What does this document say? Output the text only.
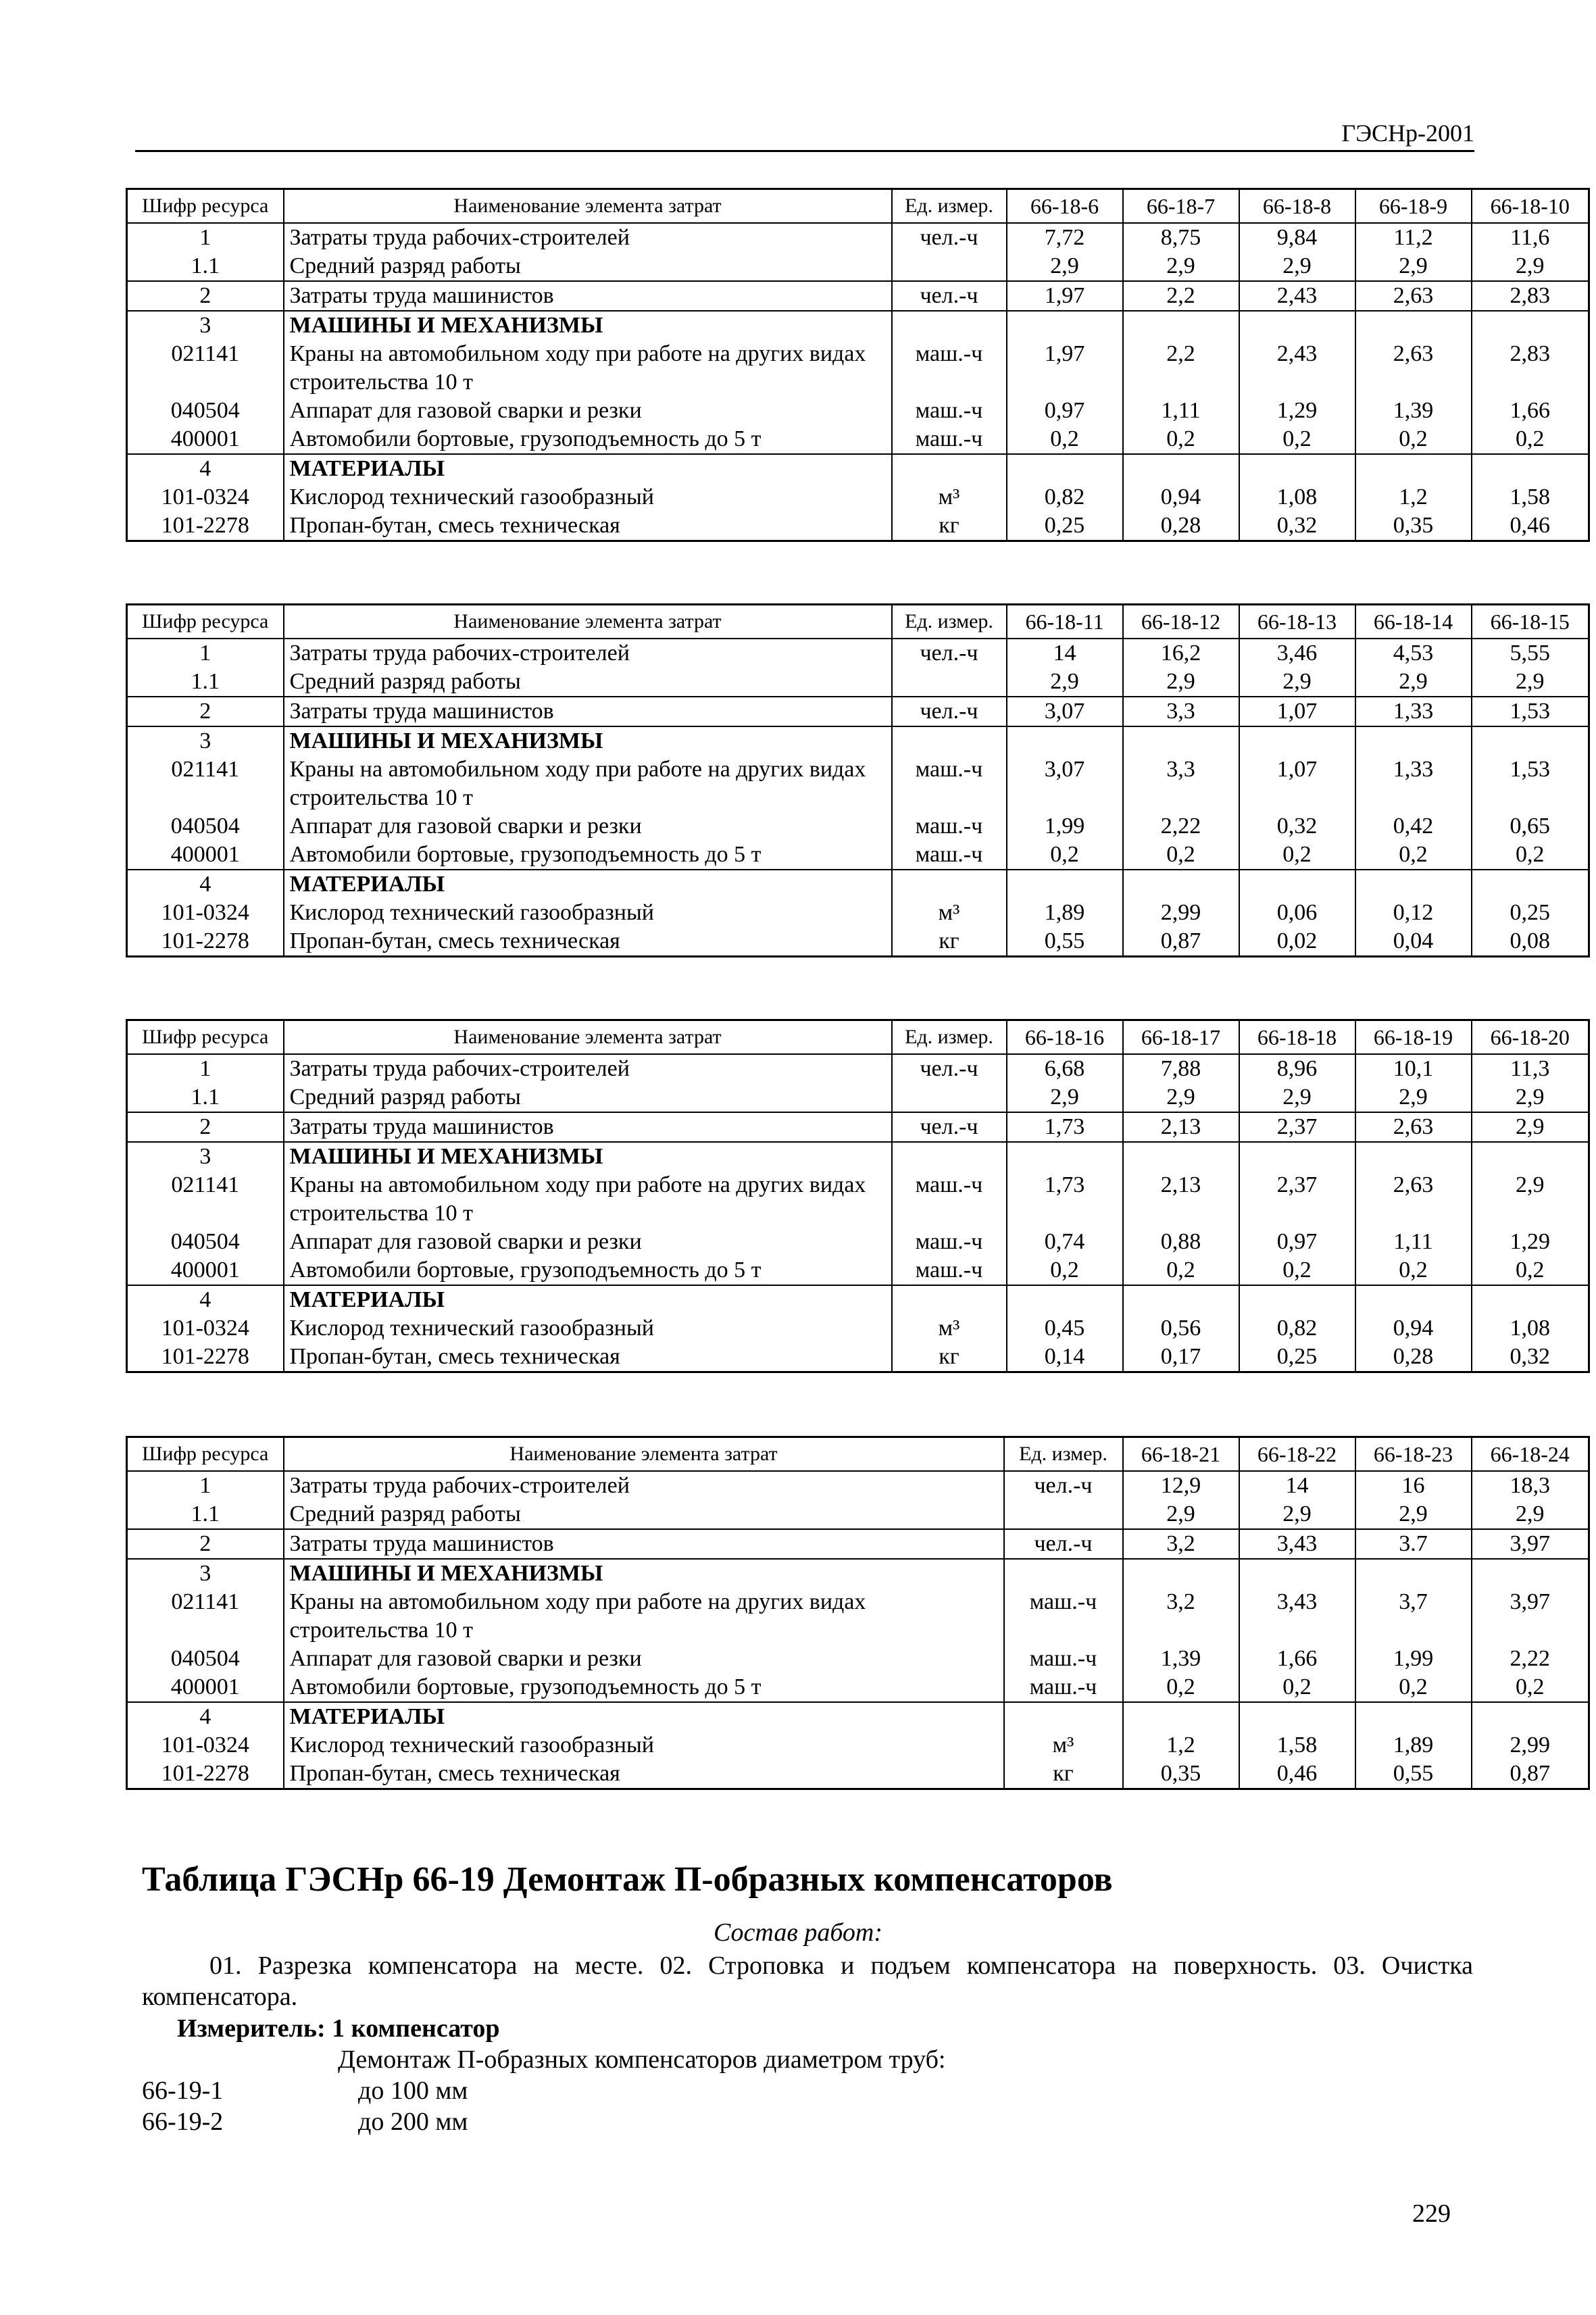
ГЭСНр-2001
Шифр ресурса	Наименование элемента затрат	Ед. измер.	66-18-6	66-18-7	66-18-8	66-18-9	66-18-10
1	Затраты труда рабочих-строителей	чел.-ч	7,72	8,75	9,84	11,2	11,6
1.1	Средний разряд работы		2,9	2,9	2,9	2,9	2,9
2	Затраты труда машинистов	чел.-ч	1,97	2,2	2,43	2,63	2,83
3	МАШИНЫ И МЕХАНИЗМЫ						
021141	Краны на автомобильном ходу при работе на других видах строительства 10 т	маш.-ч	1,97	2,2	2,43	2,63	2,83
040504	Аппарат для газовой сварки и резки	маш.-ч	0,97	1,11	1,29	1,39	1,66
400001	Автомобили бортовые, грузоподъемность до 5 т	маш.-ч	0,2	0,2	0,2	0,2	0,2
4	МАТЕРИАЛЫ						
101-0324	Кислород технический газообразный	м³	0,82	0,94	1,08	1,2	1,58
101-2278	Пропан-бутан, смесь техническая	кг	0,25	0,28	0,32	0,35	0,46
Шифр ресурса	Наименование элемента затрат	Ед. измер.	66-18-11	66-18-12	66-18-13	66-18-14	66-18-15
1	Затраты труда рабочих-строителей	чел.-ч	14	16,2	3,46	4,53	5,55
1.1	Средний разряд работы		2,9	2,9	2,9	2,9	2,9
2	Затраты труда машинистов	чел.-ч	3,07	3,3	1,07	1,33	1,53
3	МАШИНЫ И МЕХАНИЗМЫ						
021141	Краны на автомобильном ходу при работе на других видах строительства 10 т	маш.-ч	3,07	3,3	1,07	1,33	1,53
040504	Аппарат для газовой сварки и резки	маш.-ч	1,99	2,22	0,32	0,42	0,65
400001	Автомобили бортовые, грузоподъемность до 5 т	маш.-ч	0,2	0,2	0,2	0,2	0,2
4	МАТЕРИАЛЫ						
101-0324	Кислород технический газообразный	м³	1,89	2,99	0,06	0,12	0,25
101-2278	Пропан-бутан, смесь техническая	кг	0,55	0,87	0,02	0,04	0,08
Шифр ресурса	Наименование элемента затрат	Ед. измер.	66-18-16	66-18-17	66-18-18	66-18-19	66-18-20
1	Затраты труда рабочих-строителей	чел.-ч	6,68	7,88	8,96	10,1	11,3
1.1	Средний разряд работы		2,9	2,9	2,9	2,9	2,9
2	Затраты труда машинистов	чел.-ч	1,73	2,13	2,37	2,63	2,9
3	МАШИНЫ И МЕХАНИЗМЫ						
021141	Краны на автомобильном ходу при работе на других видах строительства 10 т	маш.-ч	1,73	2,13	2,37	2,63	2,9
040504	Аппарат для газовой сварки и резки	маш.-ч	0,74	0,88	0,97	1,11	1,29
400001	Автомобили бортовые, грузоподъемность до 5 т	маш.-ч	0,2	0,2	0,2	0,2	0,2
4	МАТЕРИАЛЫ						
101-0324	Кислород технический газообразный	м³	0,45	0,56	0,82	0,94	1,08
101-2278	Пропан-бутан, смесь техническая	кг	0,14	0,17	0,25	0,28	0,32
Шифр ресурса	Наименование элемента затрат	Ед. измер.	66-18-21	66-18-22	66-18-23	66-18-24
1	Затраты труда рабочих-строителей	чел.-ч	12,9	14	16	18,3
1.1	Средний разряд работы		2,9	2,9	2,9	2,9
2	Затраты труда машинистов	чел.-ч	3,2	3,43	3.7	3,97
3	МАШИНЫ И МЕХАНИЗМЫ					
021141	Краны на автомобильном ходу при работе на других видах строительства 10 т	маш.-ч	3,2	3,43	3,7	3,97
040504	Аппарат для газовой сварки и резки	маш.-ч	1,39	1,66	1,99	2,22
400001	Автомобили бортовые, грузоподъемность до 5 т	маш.-ч	0,2	0,2	0,2	0,2
4	МАТЕРИАЛЫ					
101-0324	Кислород технический газообразный	м³	1,2	1,58	1,89	2,99
101-2278	Пропан-бутан, смесь техническая	кг	0,35	0,46	0,55	0,87
Таблица ГЭСНр 66-19 Демонтаж П-образных компенсаторов
Состав работ:
01. Разрезка компенсатора на месте. 02. Строповка и подъем компенсатора на поверхность. 03. Очистка компенсатора.
Измеритель: 1 компенсатор
Демонтаж П-образных компенсаторов диаметром труб:
66-19-1	до 100 мм
66-19-2	до 200 мм
229
